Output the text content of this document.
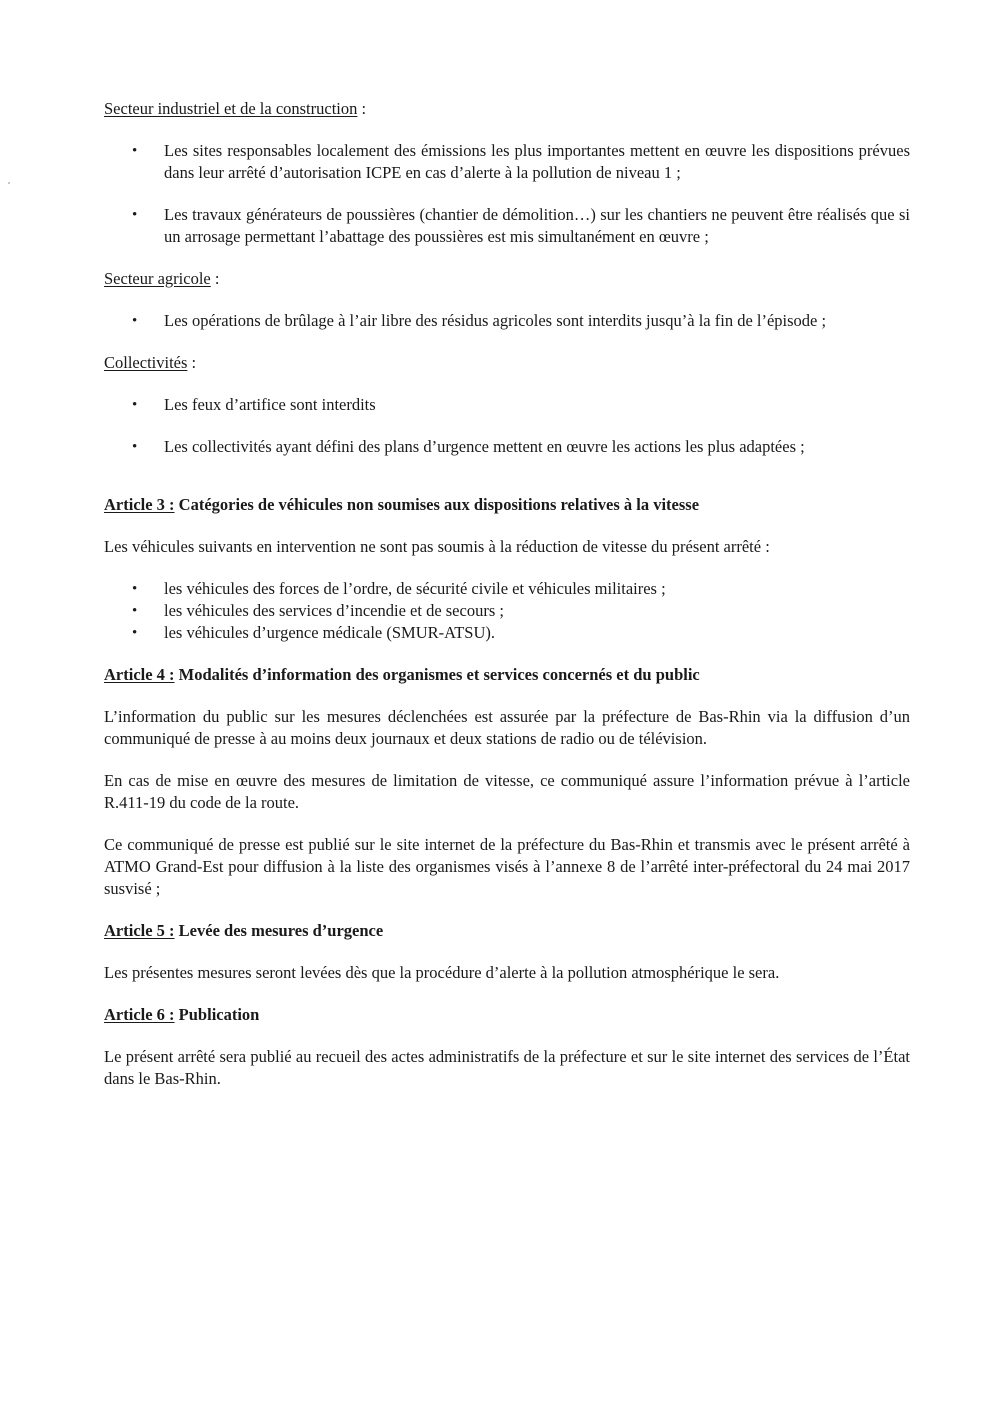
Secteur industriel et de la construction :

• Les sites responsables localement des émissions les plus importantes mettent en œuvre les dispositions prévues dans leur arrêté d’autorisation ICPE en cas d’alerte à la pollution de niveau 1 ;
• Les travaux générateurs de poussières (chantier de démolition…) sur les chantiers ne peuvent être réalisés que si un arrosage permettant l’abattage des poussières est mis simultanément en œuvre ;

Secteur agricole :

• Les opérations de brûlage à l’air libre des résidus agricoles sont interdits jusqu’à la fin de l’épisode ;

Collectivités :

• Les feux d’artifice sont interdits
• Les collectivités ayant défini des plans d’urgence mettent en œuvre les actions les plus adaptées ;

Article 3 : Catégories de véhicules non soumises aux dispositions relatives à la vitesse

Les véhicules suivants en intervention ne sont pas soumis à la réduction de vitesse du présent arrêté :

• les véhicules des forces de l’ordre, de sécurité civile et véhicules militaires ;
• les véhicules des services d’incendie et de secours ;
• les véhicules d’urgence médicale (SMUR-ATSU).

Article 4 : Modalités d’information des organismes et services concernés et du public

L’information du public sur les mesures déclenchées est assurée par la préfecture de Bas-Rhin via la diffusion d’un communiqué de presse à au moins deux journaux et deux stations de radio ou de télévision.

En cas de mise en œuvre des mesures de limitation de vitesse, ce communiqué assure l’information prévue à l’article R.411-19 du code de la route.

Ce communiqué de presse est publié sur le site internet de la préfecture du Bas-Rhin et transmis avec le présent arrêté à ATMO Grand-Est pour diffusion à la liste des organismes visés à l’annexe 8 de l’arrêté inter-préfectoral du 24 mai 2017 susvisé ;

Article 5 : Levée des mesures d’urgence

Les présentes mesures seront levées dès que la procédure d’alerte à la pollution atmosphérique le sera.

Article 6 : Publication

Le présent arrêté sera publié au recueil des actes administratifs de la préfecture et sur le site internet des services de l’État dans le Bas-Rhin.
